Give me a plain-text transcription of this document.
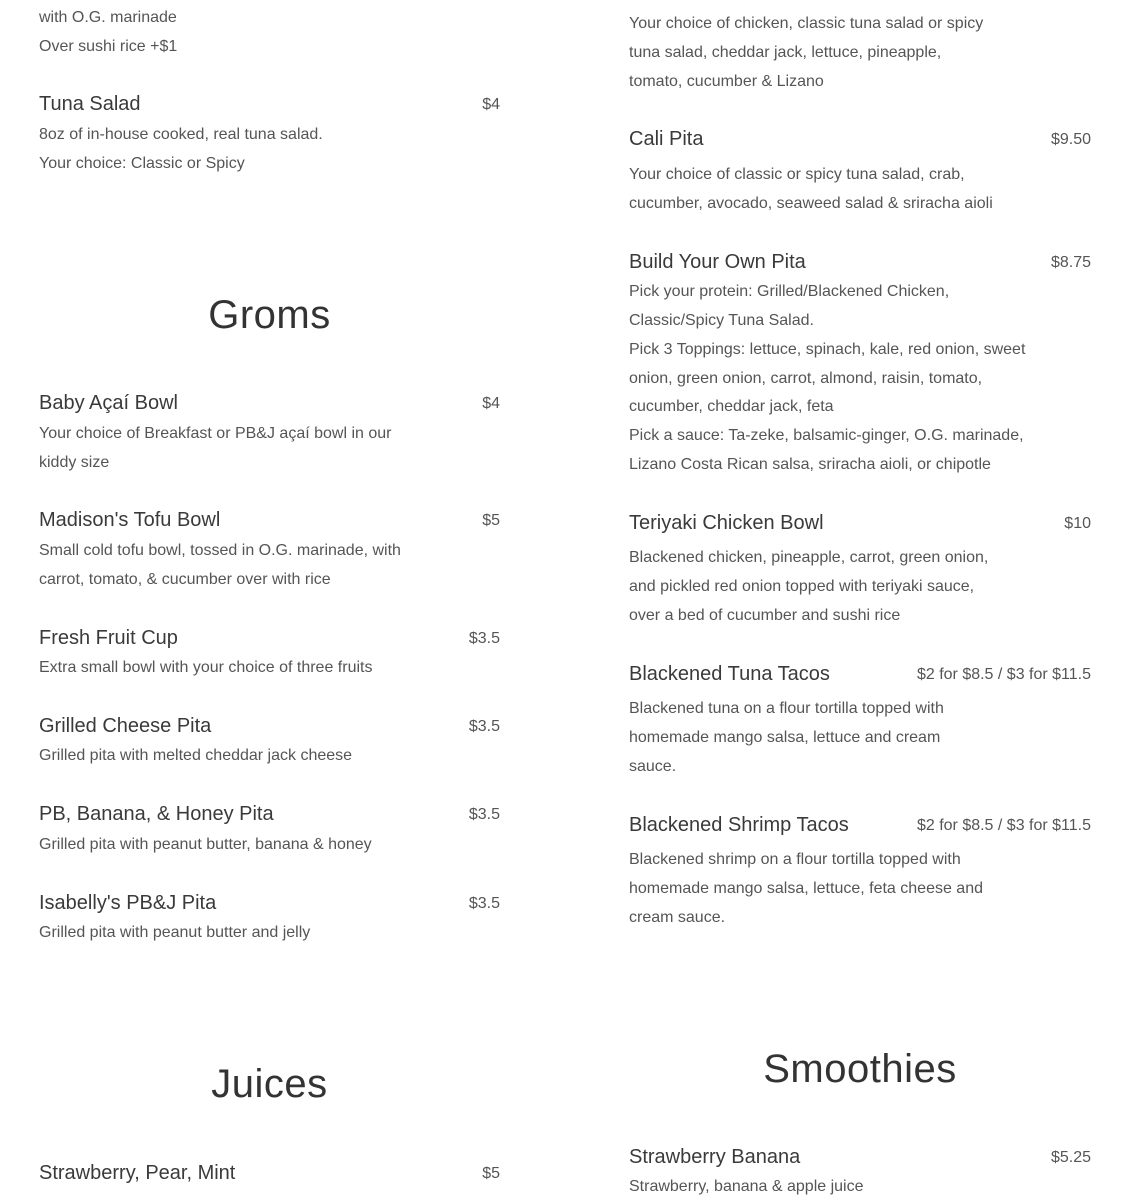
with O.G. marinade

Over sushi rice +$1

Tuna Salad	$4

8oz of in-house cooked, real tuna salad.

Your choice: Classic or Spicy

Groms
Baby Açaí Bowl	$4

Your choice of Breakfast or PB&J açaí bowl in our

kiddy size

Madison's Tofu Bowl	$5

Small cold tofu bowl, tossed in O.G. marinade, with

carrot, tomato, & cucumber over with rice

Fresh Fruit Cup	$3.5

Extra small bowl with your choice of three fruits

Grilled Cheese Pita	$3.5

Grilled pita with melted cheddar jack cheese

PB, Banana, & Honey Pita	$3.5

Grilled pita with peanut butter, banana & honey

Isabelly's PB&J Pita	$3.5

Grilled pita with peanut butter and jelly

Juices
Strawberry, Pear, Mint	$5

Your choice of chicken, classic tuna salad or spicy

tuna salad, cheddar jack, lettuce, pineapple,

tomato, cucumber & Lizano

Cali Pita	$9.50

Your choice of classic or spicy tuna salad, crab,

cucumber, avocado, seaweed salad & sriracha aioli

Build Your Own Pita	$8.75

Pick your protein: Grilled/Blackened Chicken,

Classic/Spicy Tuna Salad.

Pick 3 Toppings: lettuce, spinach, kale, red onion, sweet

onion, green onion, carrot, almond, raisin, tomato,

cucumber, cheddar jack, feta

Pick a sauce: Ta-zeke, balsamic-ginger, O.G. marinade,

Lizano Costa Rican salsa, sriracha aioli, or chipotle

Teriyaki Chicken Bowl	$10

Blackened chicken, pineapple, carrot, green onion,

and pickled red onion topped with teriyaki sauce,

over a bed of cucumber and sushi rice

Blackened Tuna Tacos	$2 for $8.5 / $3 for $11.5

Blackened tuna on a flour tortilla topped with

homemade mango salsa, lettuce and cream

sauce.

Blackened Shrimp Tacos	$2 for $8.5 / $3 for $11.5

Blackened shrimp on a flour tortilla topped with

homemade mango salsa, lettuce, feta cheese and

cream sauce.

Smoothies
Strawberry Banana	$5.25

Strawberry, banana & apple juice
